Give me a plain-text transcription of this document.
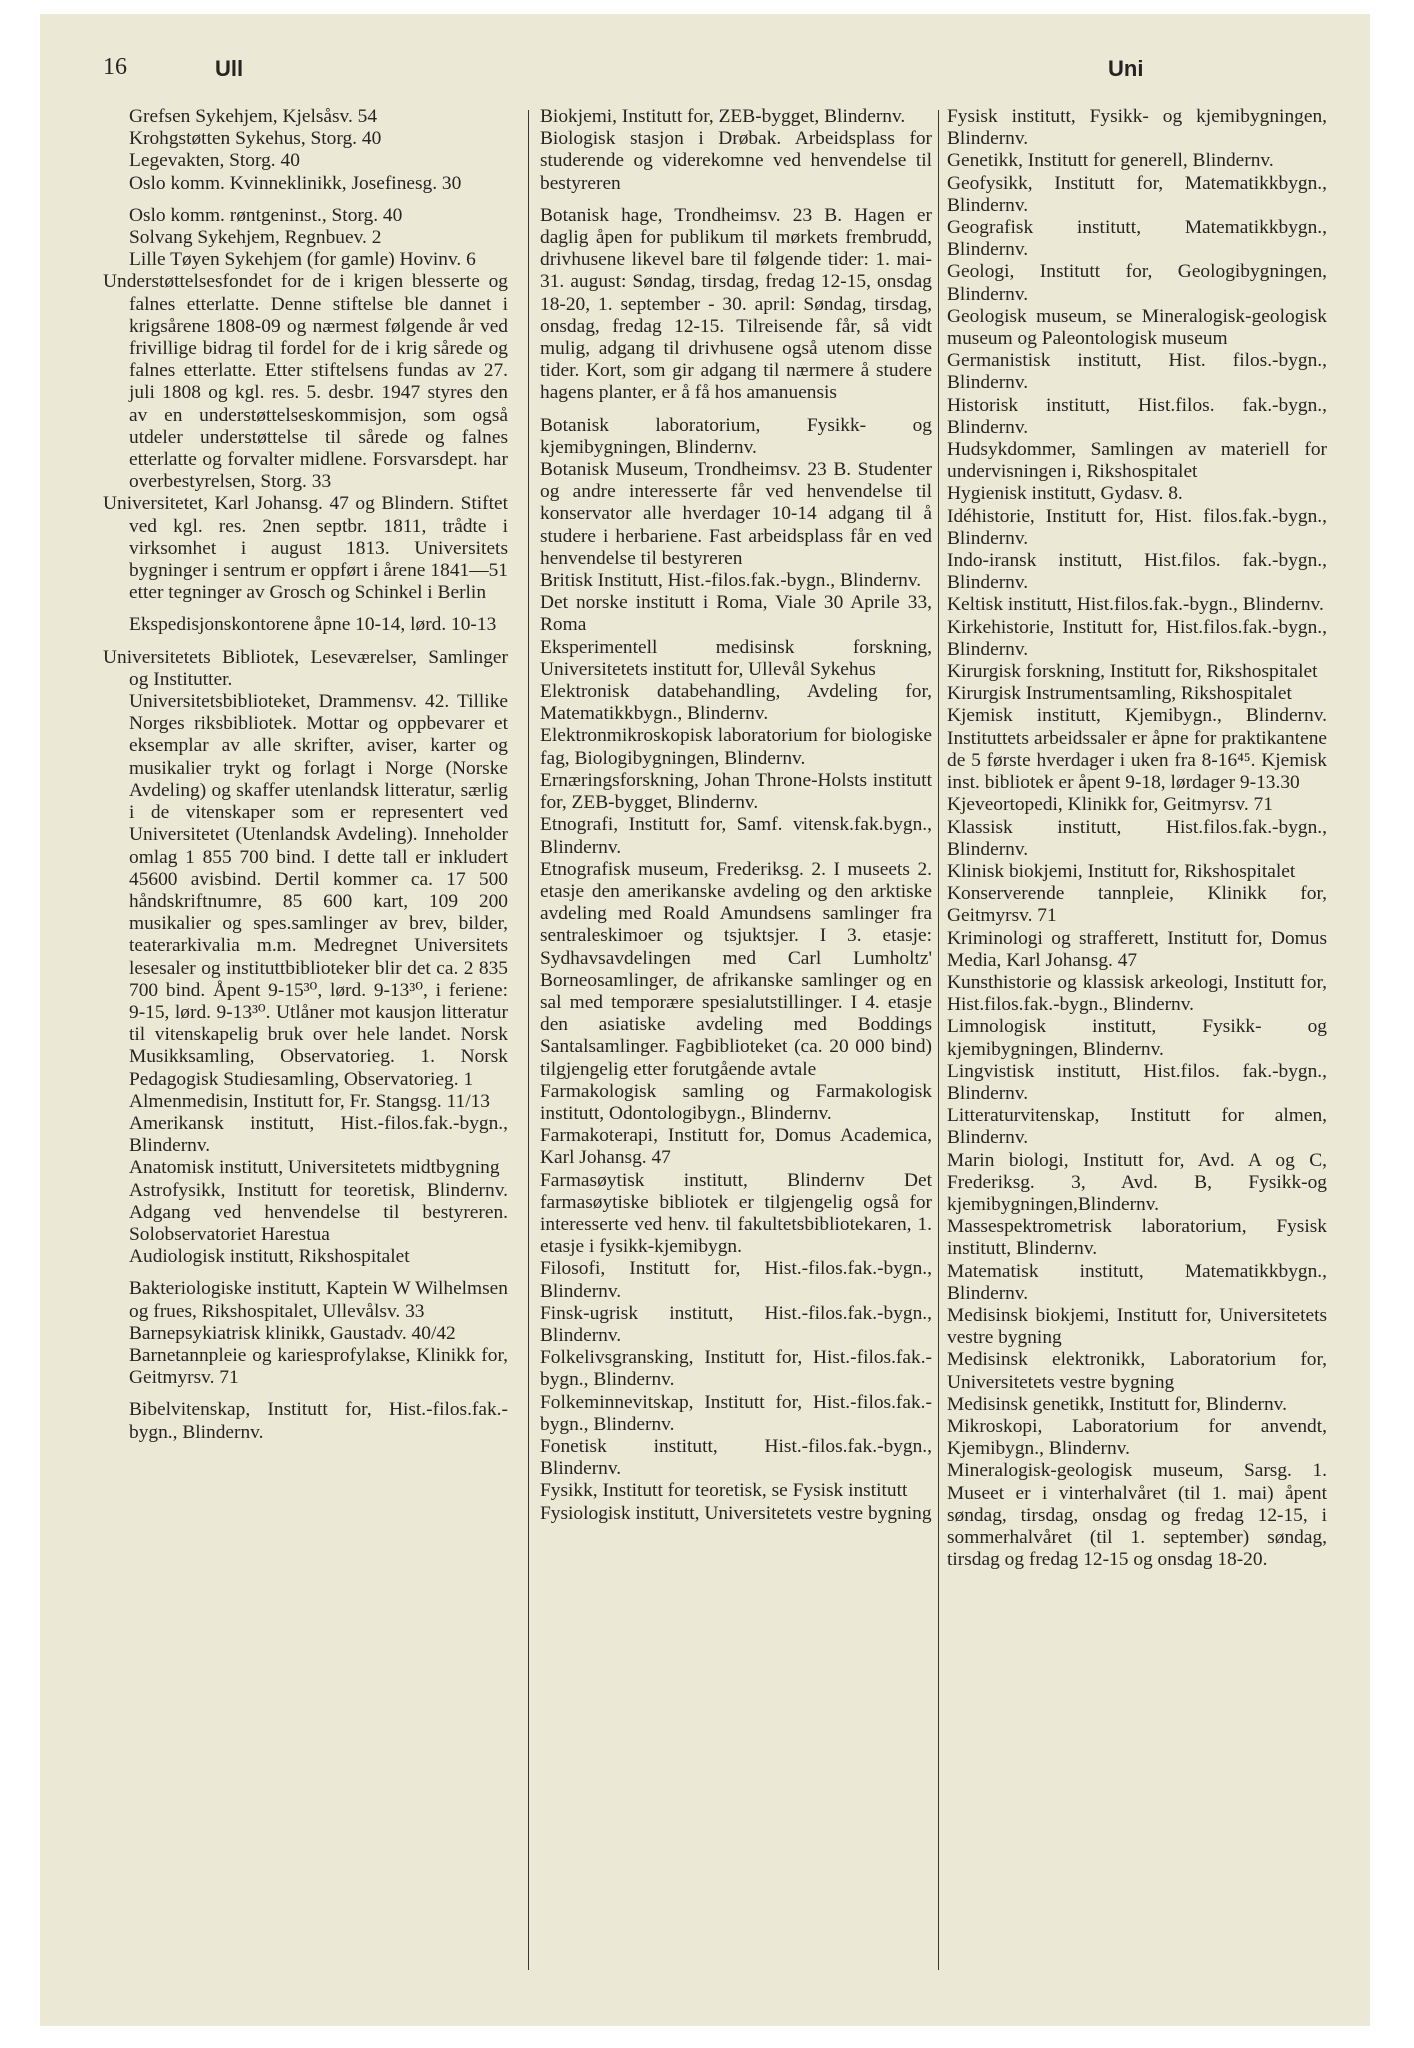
16	Ull	Uni

Grefsen Sykehjem, Kjelsåsv. 54

Krohgstøtten Sykehus, Storg. 40

Legevakten, Storg. 40

Oslo komm. Kvinneklinikk, Josefinesg. 30

Oslo komm. røntgeninst., Storg. 40

Solvang Sykehjem, Regnbuev. 2

Lille Tøyen Sykehjem (for gamle) Hovinv. 6

Understøttelsesfondet for de i krigen blesserte og falnes etterlatte. Denne stiftelse ble dannet i krigsårene 1808-09 og nærmest følgende år ved frivillige bidrag til fordel for de i krig sårede og falnes etterlatte. Etter stiftelsens fundas av 27. juli 1808 og kgl. res. 5. desbr. 1947 styres den av en understøttelseskommisjon, som også utdeler understøttelse til sårede og falnes etterlatte og forvalter midlene. Forsvarsdept. har overbestyrelsen, Storg. 33

Universitetet, Karl Johansg. 47 og Blindern. Stiftet ved kgl. res. 2nen septbr. 1811, trådte i virksomhet i august 1813. Universitets bygninger i sentrum er oppført i årene 1841—51 etter tegninger av Grosch og Schinkel i Berlin

Ekspedisjonskontorene åpne 10-14, lørd. 10-13

Universitetets Bibliotek, Leseværelser, Samlinger og Institutter.

Universitetsbiblioteket, Drammensv. 42. Tillike Norges riksbibliotek. Mottar og oppbevarer et eksemplar av alle skrifter, aviser, karter og musikalier trykt og forlagt i Norge (Norske Avdeling) og skaffer utenlandsk litteratur, særlig i de vitenskaper som er representert ved Universitetet (Utenlandsk Avdeling). Inneholder omlag 1 855 700 bind. I dette tall er inkludert 45600 avisbind. Dertil kommer ca. 17 500 håndskriftnumre, 85 600 kart, 109 200 musikalier og spes.samlinger av brev, bilder, teaterarkivalia m.m. Medregnet Universitets lesesaler og instituttbiblioteker blir det ca. 2 835 700 bind. Åpent 9-15³⁰, lørd. 9-13³⁰, i feriene: 9-15, lørd. 9-13³⁰. Utlåner mot kausjon litteratur til vitenskapelig bruk over hele landet. Norsk Musikksamling, Observatorieg. 1. Norsk Pedagogisk Studiesamling, Observatorieg. 1

Almenmedisin, Institutt for, Fr. Stangsg. 11/13

Amerikansk institutt, Hist.-filos.fak.-bygn., Blindernv.

Anatomisk institutt, Universitetets midtbygning

Astrofysikk, Institutt for teoretisk, Blindernv. Adgang ved henvendelse til bestyreren. Solobservatoriet Harestua

Audiologisk institutt, Rikshospitalet

Bakteriologiske institutt, Kaptein W Wilhelmsen og frues, Rikshospitalet, Ullevålsv. 33

Barnepsykiatrisk klinikk, Gaustadv. 40/42

Barnetannpleie og kariesprofylakse, Klinikk for, Geitmyrsv. 71

Bibelvitenskap, Institutt for, Hist.-filos.fak.-bygn., Blindernv.

Biokjemi, Institutt for, ZEB-bygget, Blindernv.

Biologisk stasjon i Drøbak. Arbeidsplass for studerende og viderekomne ved henvendelse til bestyreren

Botanisk hage, Trondheimsv. 23 B. Hagen er daglig åpen for publikum til mørkets frembrudd, drivhusene likevel bare til følgende tider: 1. mai-31. august: Søndag, tirsdag, fredag 12-15, onsdag 18-20, 1. september - 30. april: Søndag, tirsdag, onsdag, fredag 12-15. Tilreisende får, så vidt mulig, adgang til drivhusene også utenom disse tider. Kort, som gir adgang til nærmere å studere hagens planter, er å få hos amanuensis

Botanisk laboratorium, Fysikk- og kjemibygningen, Blindernv.

Botanisk Museum, Trondheimsv. 23 B. Studenter og andre interesserte får ved henvendelse til konservator alle hverdager 10-14 adgang til å studere i herbariene. Fast arbeidsplass får en ved henvendelse til bestyreren

Britisk Institutt, Hist.-filos.fak.-bygn., Blindernv.

Det norske institutt i Roma, Viale 30 Aprile 33, Roma

Eksperimentell medisinsk forskning, Universitetets institutt for, Ullevål Sykehus

Elektronisk databehandling, Avdeling for, Matematikkbygn., Blindernv.

Elektronmikroskopisk laboratorium for biologiske fag, Biologibygningen, Blindernv.

Ernæringsforskning, Johan Throne-Holsts institutt for, ZEB-bygget, Blindernv.

Etnografi, Institutt for, Samf. vitensk.fak.bygn., Blindernv.

Etnografisk museum, Frederiksg. 2. I museets 2. etasje den amerikanske avdeling og den arktiske avdeling med Roald Amundsens samlinger fra sentraleskimoer og tsjuktsjer. I 3. etasje: Sydhavsavdelingen med Carl Lumholtz' Borneosamlinger, de afrikanske samlinger og en sal med temporære spesialutstillinger. I 4. etasje den asiatiske avdeling med Boddings Santalsamlinger. Fagbiblioteket (ca. 20 000 bind) tilgjengelig etter forutgående avtale

Farmakologisk samling og Farmakologisk institutt, Odontologibygn., Blindernv.

Farmakoterapi, Institutt for, Domus Academica, Karl Johansg. 47

Farmasøytisk institutt, Blindernv Det farmasøytiske bibliotek er tilgjengelig også for interesserte ved henv. til fakultetsbibliotekaren, 1. etasje i fysikk-kjemibygn.

Filosofi, Institutt for, Hist.-filos.fak.-bygn., Blindernv.

Finsk-ugrisk institutt, Hist.-filos.fak.-bygn., Blindernv.

Folkelivsgransking, Institutt for, Hist.-filos.fak.-bygn., Blindernv.

Folkeminnevitskap, Institutt for, Hist.-filos.fak.-bygn., Blindernv.

Fonetisk institutt, Hist.-filos.fak.-bygn., Blindernv.

Fysikk, Institutt for teoretisk, se Fysisk institutt

Fysiologisk institutt, Universitetets vestre bygning

Fysisk institutt, Fysikk- og kjemibygningen, Blindernv.

Genetikk, Institutt for generell, Blindernv.

Geofysikk, Institutt for, Matematikkbygn., Blindernv.

Geografisk institutt, Matematikkbygn., Blindernv.

Geologi, Institutt for, Geologibygningen, Blindernv.

Geologisk museum, se Mineralogisk-geologisk museum og Paleontologisk museum

Germanistisk institutt, Hist. filos.-bygn., Blindernv.

Historisk institutt, Hist.filos. fak.-bygn., Blindernv.

Hudsykdommer, Samlingen av materiell for undervisningen i, Rikshospitalet

Hygienisk institutt, Gydasv. 8.

Idéhistorie, Institutt for, Hist. filos.fak.-bygn., Blindernv.

Indo-iransk institutt, Hist.filos. fak.-bygn., Blindernv.

Keltisk institutt, Hist.filos.fak.-bygn., Blindernv.

Kirkehistorie, Institutt for, Hist.filos.fak.-bygn., Blindernv.

Kirurgisk forskning, Institutt for, Rikshospitalet

Kirurgisk Instrumentsamling, Rikshospitalet

Kjemisk institutt, Kjemibygn., Blindernv. Instituttets arbeidssaler er åpne for praktikantene de 5 første hverdager i uken fra 8-16⁴⁵. Kjemisk inst. bibliotek er åpent 9-18, lørdager 9-13.30

Kjeveortopedi, Klinikk for, Geitmyrsv. 71

Klassisk institutt, Hist.filos.fak.-bygn., Blindernv.

Klinisk biokjemi, Institutt for, Rikshospitalet

Konserverende tannpleie, Klinikk for, Geitmyrsv. 71

Kriminologi og strafferett, Institutt for, Domus Media, Karl Johansg. 47

Kunsthistorie og klassisk arkeologi, Institutt for, Hist.filos.fak.-bygn., Blindernv.

Limnologisk institutt, Fysikk- og kjemibygningen, Blindernv.

Lingvistisk institutt, Hist.filos. fak.-bygn., Blindernv.

Litteraturvitenskap, Institutt for almen, Blindernv.

Marin biologi, Institutt for, Avd. A og C, Frederiksg. 3, Avd. B, Fysikk-og kjemibygningen,Blindernv.

Massespektrometrisk laboratorium, Fysisk institutt, Blindernv.

Matematisk institutt, Matematikkbygn., Blindernv.

Medisinsk biokjemi, Institutt for, Universitetets vestre bygning

Medisinsk elektronikk, Laboratorium for, Universitetets vestre bygning

Medisinsk genetikk, Institutt for, Blindernv.

Mikroskopi, Laboratorium for anvendt, Kjemibygn., Blindernv.

Mineralogisk-geologisk museum, Sarsg. 1. Museet er i vinterhalvåret (til 1. mai) åpent søndag, tirsdag, onsdag og fredag 12-15, i sommerhalvåret (til 1. september) søndag, tirsdag og fredag 12-15 og onsdag 18-20.
